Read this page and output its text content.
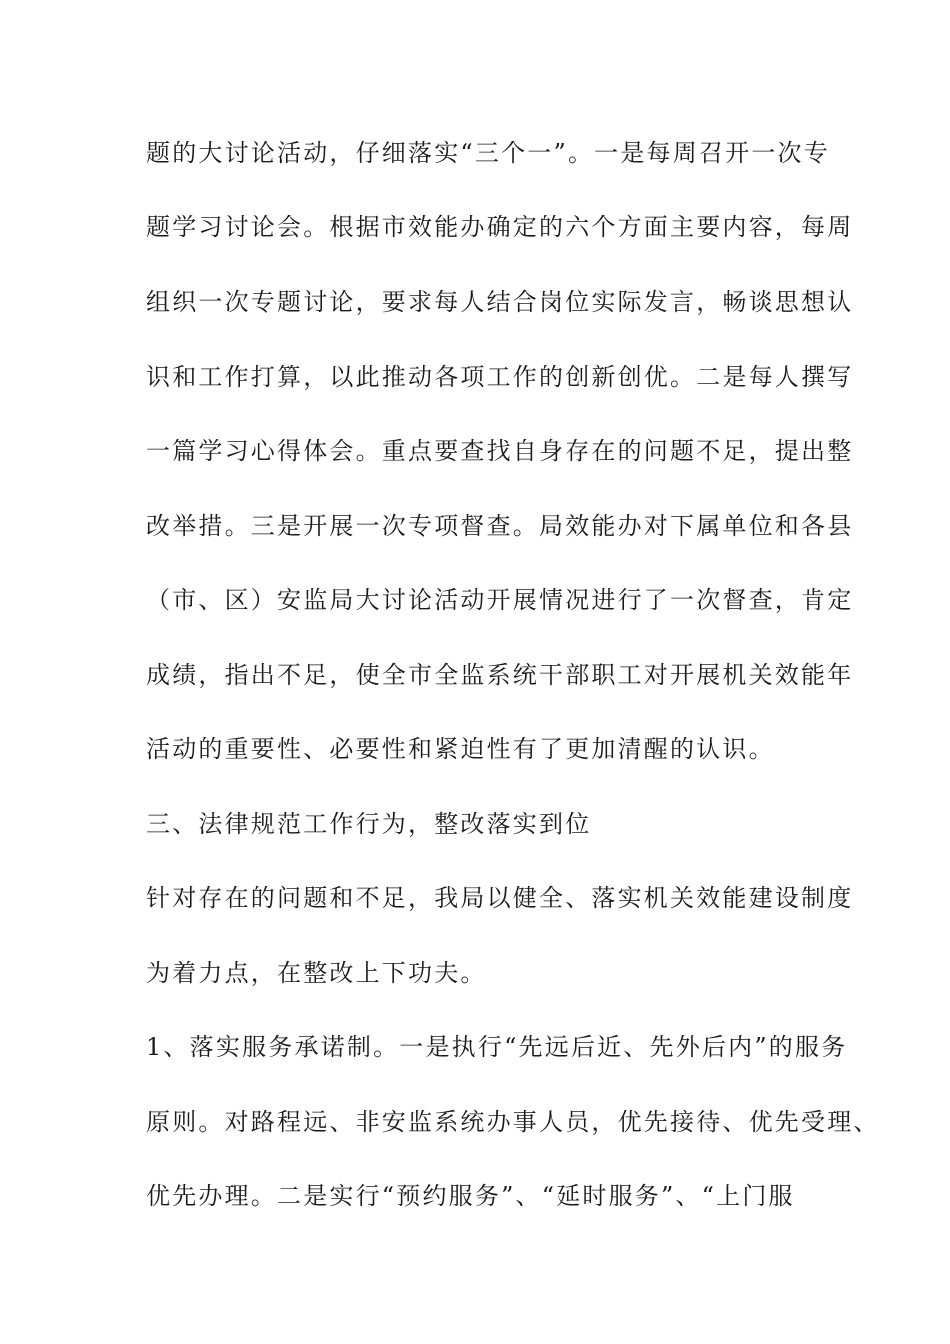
题的大讨论活动，仔细落实“三个一”。一是每周召开一次专
题学习讨论会。根据市效能办确定的六个方面主要内容，每周
组织一次专题讨论，要求每人结合岗位实际发言，畅谈思想认
识和工作打算，以此推动各项工作的创新创优。二是每人撰写
一篇学习心得体会。重点要查找自身存在的问题不足，提出整
改举措。三是开展一次专项督查。局效能办对下属单位和各县
（市、区）安监局大讨论活动开展情况进行了一次督查，肯定
成绩，指出不足，使全市全监系统干部职工对开展机关效能年
活动的重要性、必要性和紧迫性有了更加清醒的认识。
三、法律规范工作行为，整改落实到位
针对存在的问题和不足，我局以健全、落实机关效能建设制度
为着力点，在整改上下功夫。
1、落实服务承诺制。一是执行“先远后近、先外后内”的服务
原则。对路程远、非安监系统办事人员，优先接待、优先受理、
优先办理。二是实行“预约服务”、“延时服务”、“上门服
